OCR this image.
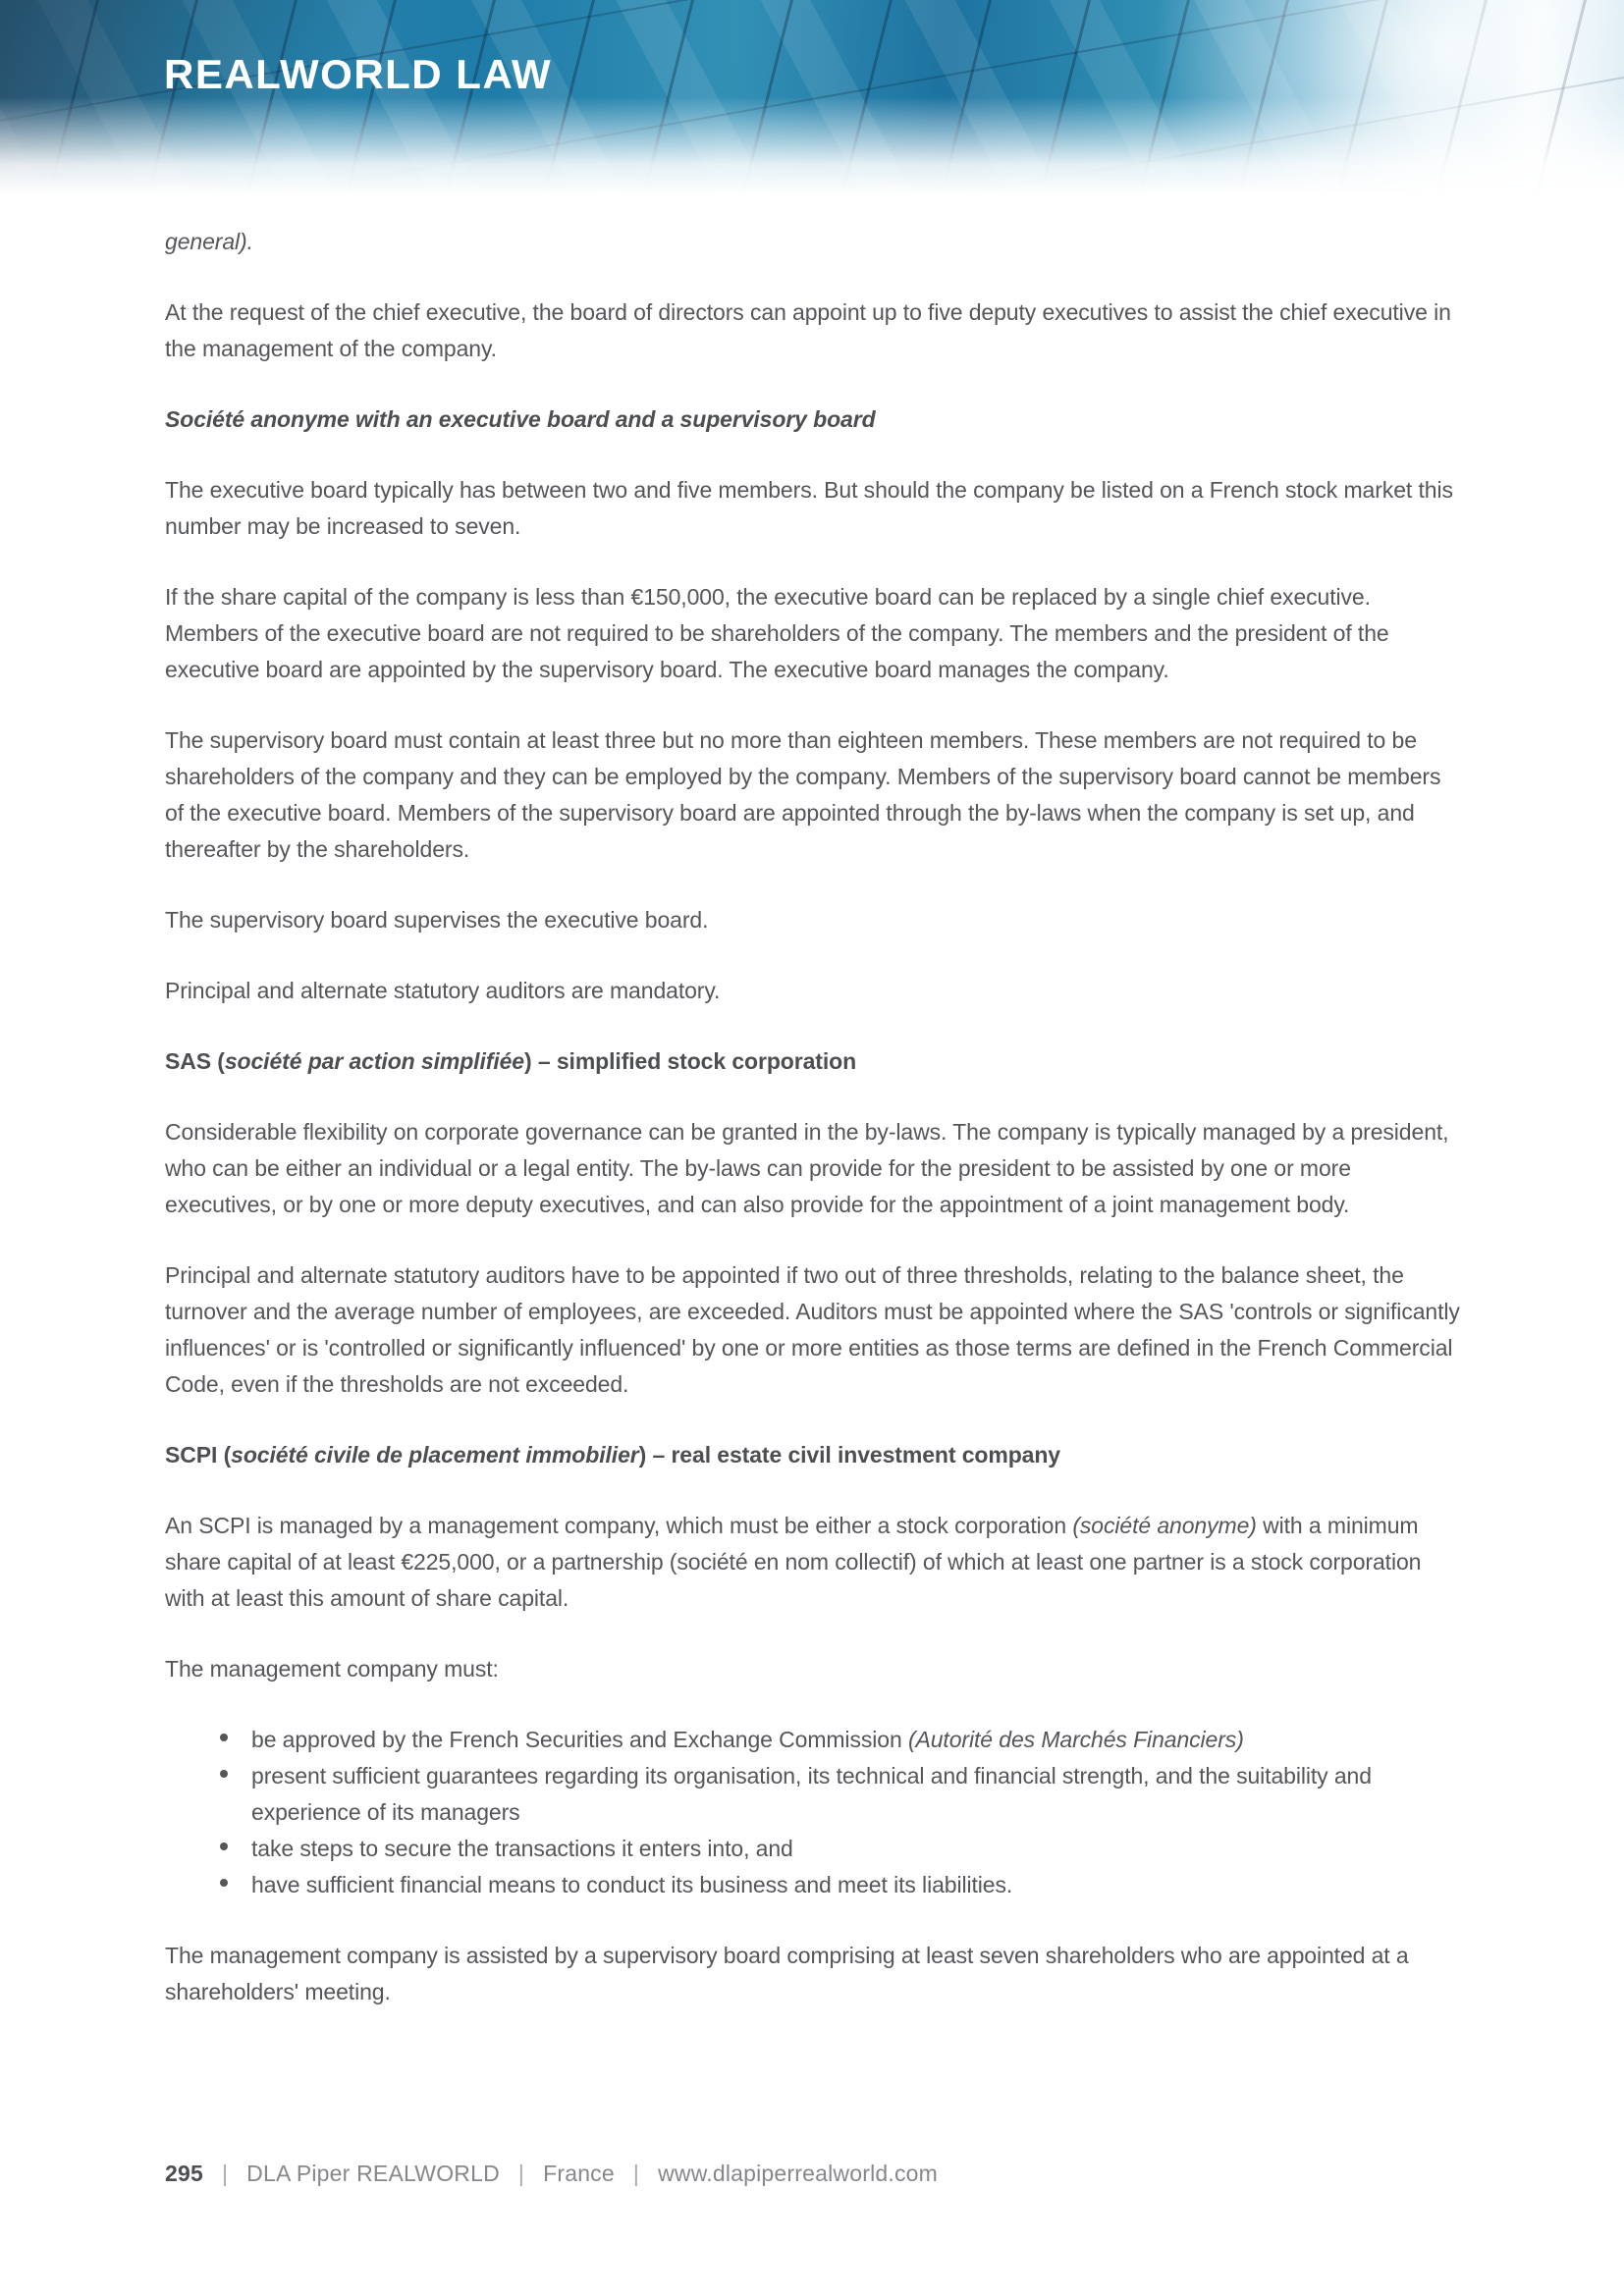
REALWORLD LAW

general).

At the request of the chief executive, the board of directors can appoint up to five deputy executives to assist the chief executive in the management of the company.

Société anonyme with an executive board and a supervisory board

The executive board typically has between two and five members. But should the company be listed on a French stock market this number may be increased to seven.

If the share capital of the company is less than €150,000, the executive board can be replaced by a single chief executive. Members of the executive board are not required to be shareholders of the company. The members and the president of the executive board are appointed by the supervisory board. The executive board manages the company.

The supervisory board must contain at least three but no more than eighteen members. These members are not required to be shareholders of the company and they can be employed by the company. Members of the supervisory board cannot be members of the executive board. Members of the supervisory board are appointed through the by-laws when the company is set up, and thereafter by the shareholders.

The supervisory board supervises the executive board.

Principal and alternate statutory auditors are mandatory.

SAS (société par action simplifiée) – simplified stock corporation

Considerable flexibility on corporate governance can be granted in the by-laws. The company is typically managed by a president, who can be either an individual or a legal entity. The by-laws can provide for the president to be assisted by one or more executives, or by one or more deputy executives, and can also provide for the appointment of a joint management body.

Principal and alternate statutory auditors have to be appointed if two out of three thresholds, relating to the balance sheet, the turnover and the average number of employees, are exceeded. Auditors must be appointed where the SAS 'controls or significantly influences' or is 'controlled or significantly influenced' by one or more entities as those terms are defined in the French Commercial Code, even if the thresholds are not exceeded.

SCPI (société civile de placement immobilier) – real estate civil investment company

An SCPI is managed by a management company, which must be either a stock corporation (société anonyme) with a minimum share capital of at least €225,000, or a partnership (société en nom collectif) of which at least one partner is a stock corporation with at least this amount of share capital.

The management company must:

be approved by the French Securities and Exchange Commission (Autorité des Marchés Financiers)
present sufficient guarantees regarding its organisation, its technical and financial strength, and the suitability and experience of its managers
take steps to secure the transactions it enters into, and
have sufficient financial means to conduct its business and meet its liabilities.

The management company is assisted by a supervisory board comprising at least seven shareholders who are appointed at a shareholders' meeting.

295 | DLA Piper REALWORLD | France | www.dlapiperrealworld.com
